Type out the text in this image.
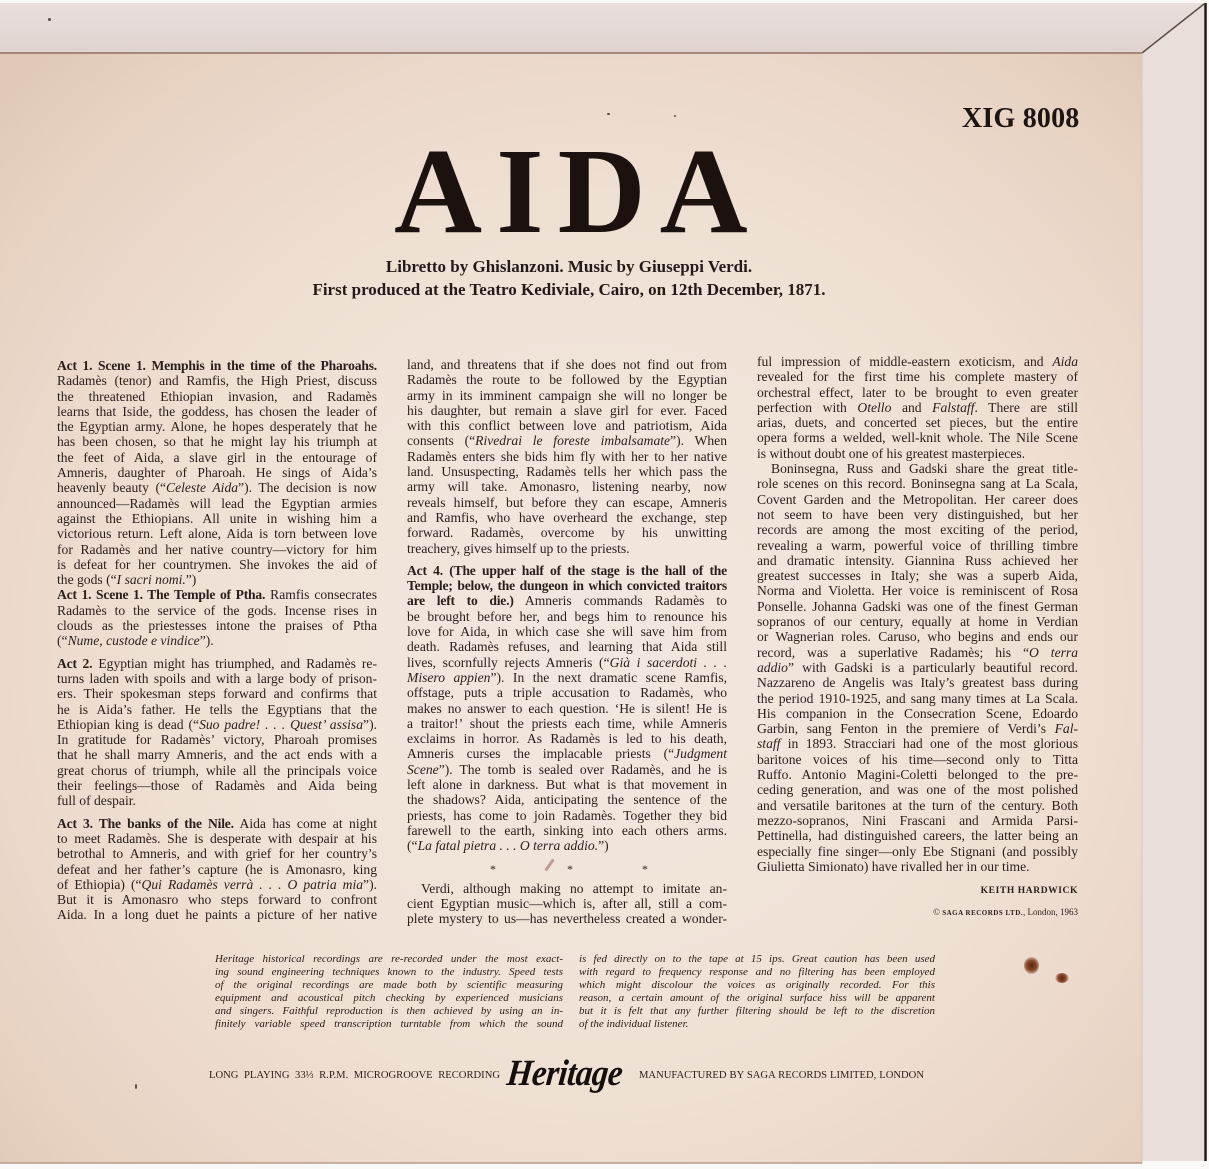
XIG 8008
AIDA
Libretto by Ghislanzoni. Music by Giuseppi Verdi.
First produced at the Teatro Kediviale, Cairo, on 12th December, 1871.
Act 1. Scene 1. Memphis in the time of the Pharoahs.
Radamès (tenor) and Ramfis, the High Priest, discuss
the threatened Ethiopian invasion, and Radamès
learns that Iside, the goddess, has chosen the leader of
the Egyptian army. Alone, he hopes desperately that he
has been chosen, so that he might lay his triumph at
the feet of Aida, a slave girl in the entourage of
Amneris, daughter of Pharoah. He sings of Aida’s
heavenly beauty (“Celeste Aida”). The decision is now
announced—Radamès will lead the Egyptian armies
against the Ethiopians. All unite in wishing him a
victorious return. Left alone, Aida is torn between love
for Radamès and her native country—victory for him
is defeat for her countrymen. She invokes the aid of
the gods (“I sacri nomi.”)
Act 1. Scene 1. The Temple of Ptha. Ramfis consecrates
Radamès to the service of the gods. Incense rises in
clouds as the priestesses intone the praises of Ptha
(“Nume, custode e vindice”).
Act 2. Egyptian might has triumphed, and Radamès re-
turns laden with spoils and with a large body of prison-
ers. Their spokesman steps forward and confirms that
he is Aida’s father. He tells the Egyptians that the
Ethiopian king is dead (“Suo padre! . . . Quest’ assisa”).
In gratitude for Radamès’ victory, Pharoah promises
that he shall marry Amneris, and the act ends with a
great chorus of triumph, while all the principals voice
their feelings—those of Radamès and Aida being
full of despair.
Act 3. The banks of the Nile. Aida has come at night
to meet Radamès. She is desperate with despair at his
betrothal to Amneris, and with grief for her country’s
defeat and her father’s capture (he is Amonasro, king
of Ethiopia) (“Qui Radamès verrà . . . O patria mia”).
But it is Amonasro who steps forward to confront
Aida. In a long duet he paints a picture of her native
land, and threatens that if she does not find out from
Radamès the route to be followed by the Egyptian
army in its imminent campaign she will no longer be
his daughter, but remain a slave girl for ever. Faced
with this conflict between love and patriotism, Aida
consents (“Rivedrai le foreste imbalsamate”). When
Radamès enters she bids him fly with her to her native
land. Unsuspecting, Radamès tells her which pass the
army will take. Amonasro, listening nearby, now
reveals himself, but before they can escape, Amneris
and Ramfis, who have overheard the exchange, step
forward. Radamès, overcome by his unwitting
treachery, gives himself up to the priests.
Act 4. (The upper half of the stage is the hall of the
Temple; below, the dungeon in which convicted traitors
are left to die.) Amneris commands Radamès to
be brought before her, and begs him to renounce his
love for Aida, in which case she will save him from
death. Radamès refuses, and learning that Aida still
lives, scornfully rejects Amneris (“Già i sacerdoti . . .
Misero appien”). In the next dramatic scene Ramfis,
offstage, puts a triple accusation to Radamès, who
makes no answer to each question. ‘He is silent! He is
a traitor!’ shout the priests each time, while Amneris
exclaims in horror. As Radamès is led to his death,
Amneris curses the implacable priests (“Judgment
Scene”). The tomb is sealed over Radamès, and he is
left alone in darkness. But what is that movement in
the shadows? Aida, anticipating the sentence of the
priests, has come to join Radamès. Together they bid
farewell to the earth, sinking into each others arms.
(“La fatal pietra . . . O terra addio.”)
*	*	*
Verdi, although making no attempt to imitate an-
cient Egyptian music—which is, after all, still a com-
plete mystery to us—has nevertheless created a wonder-
ful impression of middle-eastern exoticism, and Aida
revealed for the first time his complete mastery of
orchestral effect, later to be brought to even greater
perfection with Otello and Falstaff. There are still
arias, duets, and concerted set pieces, but the entire
opera forms a welded, well-knit whole. The Nile Scene
is without doubt one of his greatest masterpieces.
Boninsegna, Russ and Gadski share the great title-
role scenes on this record. Boninsegna sang at La Scala,
Covent Garden and the Metropolitan. Her career does
not seem to have been very distinguished, but her
records are among the most exciting of the period,
revealing a warm, powerful voice of thrilling timbre
and dramatic intensity. Giannina Russ achieved her
greatest successes in Italy; she was a superb Aida,
Norma and Violetta. Her voice is reminiscent of Rosa
Ponselle. Johanna Gadski was one of the finest German
sopranos of our century, equally at home in Verdian
or Wagnerian roles. Caruso, who begins and ends our
record, was a superlative Radamès; his “O terra
addio” with Gadski is a particularly beautiful record.
Nazzareno de Angelis was Italy’s greatest bass during
the period 1910-1925, and sang many times at La Scala.
His companion in the Consecration Scene, Edoardo
Garbin, sang Fenton in the premiere of Verdi’s Fal-
staff in 1893. Stracciari had one of the most glorious
baritone voices of his time—second only to Titta
Ruffo. Antonio Magini-Coletti belonged to the pre-
ceding generation, and was one of the most polished
and versatile baritones at the turn of the century. Both
mezzo-sopranos, Nini Frascani and Armida Parsi-
Pettinella, had distinguished careers, the latter being an
especially fine singer—only Ebe Stignani (and possibly
Giulietta Simionato) have rivalled her in our time.
KEITH HARDWICK
© SAGA RECORDS LTD., London, 1963
Heritage historical recordings are re-recorded under the most exact-
ing sound engineering techniques known to the industry. Speed tests
of the original recordings are made both by scientific measuring
equipment and acoustical pitch checking by experienced musicians
and singers. Faithful reproduction is then achieved by using an in-
finitely variable speed transcription turntable from which the sound
is fed directly on to the tape at 15 ips. Great caution has been used
with regard to frequency response and no filtering has been employed
which might discolour the voices as originally recorded. For this
reason, a certain amount of the original surface hiss will be apparent
but it is felt that any further filtering should be left to the discretion
of the individual listener.
LONG PLAYING 33⅓ R.P.M. MICROGROOVE RECORDING Heritage MANUFACTURED BY SAGA RECORDS LIMITED, LONDON
